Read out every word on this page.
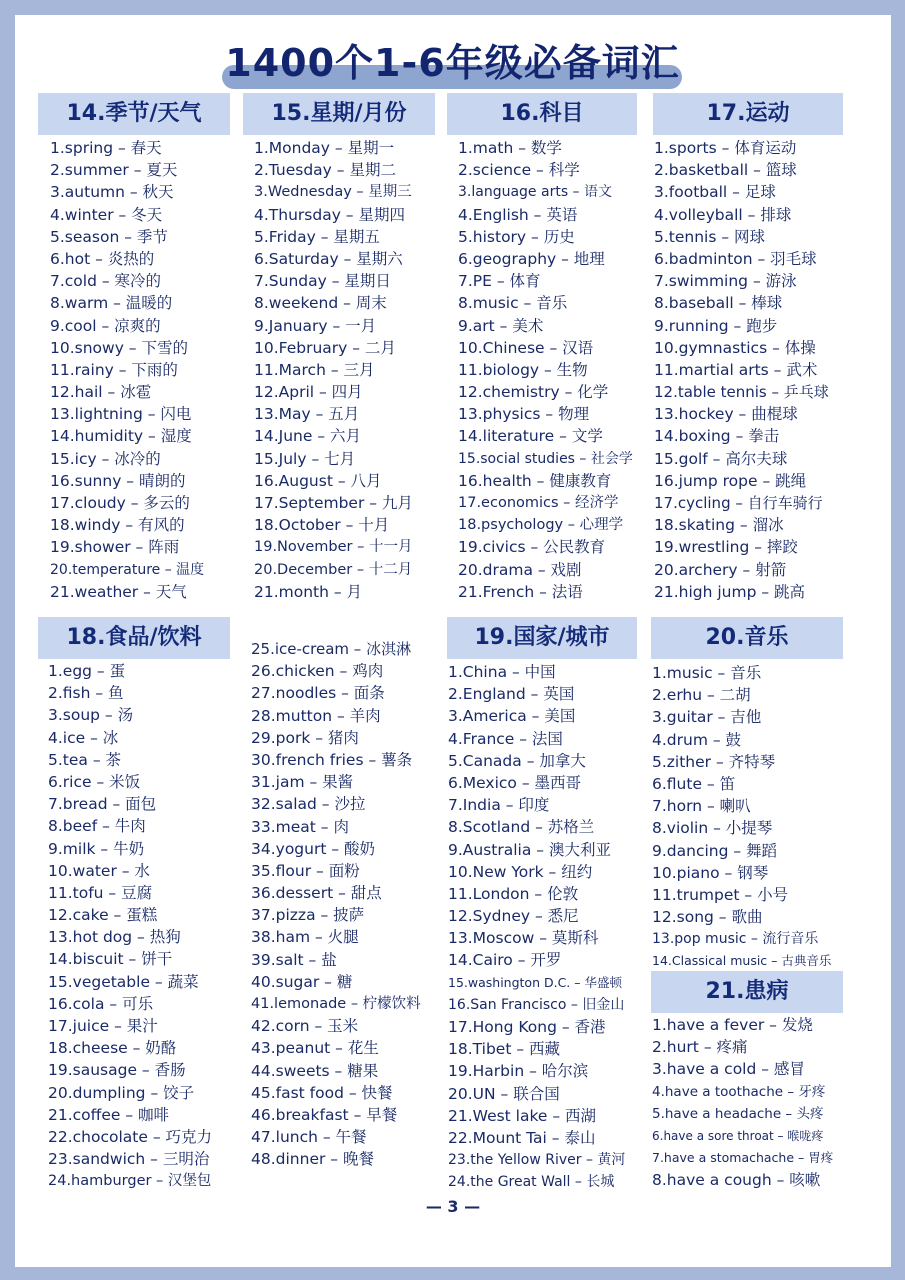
1400个1-6年级必备词汇
14.季节/天气
1.spring – 春天
2.summer – 夏天
3.autumn – 秋天
4.winter – 冬天
5.season – 季节
6.hot – 炎热的
7.cold – 寒冷的
8.warm – 温暖的
9.cool – 凉爽的
10.snowy – 下雪的
11.rainy – 下雨的
12.hail – 冰雹
13.lightning – 闪电
14.humidity – 湿度
15.icy – 冰冷的
16.sunny – 晴朗的
17.cloudy – 多云的
18.windy – 有风的
19.shower – 阵雨
20.temperature – 温度
21.weather – 天气
15.星期/月份
1.Monday – 星期一
2.Tuesday – 星期二
3.Wednesday – 星期三
4.Thursday – 星期四
5.Friday – 星期五
6.Saturday – 星期六
7.Sunday – 星期日
8.weekend – 周末
9.January – 一月
10.February – 二月
11.March – 三月
12.April – 四月
13.May – 五月
14.June – 六月
15.July – 七月
16.August – 八月
17.September – 九月
18.October – 十月
19.November – 十一月
20.December – 十二月
21.month – 月
16.科目
1.math – 数学
2.science – 科学
3.language arts – 语文
4.English – 英语
5.history – 历史
6.geography – 地理
7.PE – 体育
8.music – 音乐
9.art – 美术
10.Chinese – 汉语
11.biology – 生物
12.chemistry – 化学
13.physics – 物理
14.literature – 文学
15.social studies – 社会学
16.health – 健康教育
17.economics – 经济学
18.psychology – 心理学
19.civics – 公民教育
20.drama – 戏剧
21.French – 法语
17.运动
1.sports – 体育运动
2.basketball – 篮球
3.football – 足球
4.volleyball – 排球
5.tennis – 网球
6.badminton – 羽毛球
7.swimming – 游泳
8.baseball – 棒球
9.running – 跑步
10.gymnastics – 体操
11.martial arts – 武术
12.table tennis – 乒乓球
13.hockey – 曲棍球
14.boxing – 拳击
15.golf – 高尔夫球
16.jump rope – 跳绳
17.cycling – 自行车骑行
18.skating – 溜冰
19.wrestling – 摔跤
20.archery – 射箭
21.high jump – 跳高
18.食品/饮料
1.egg – 蛋
2.fish – 鱼
3.soup – 汤
4.ice – 冰
5.tea – 茶
6.rice – 米饭
7.bread – 面包
8.beef – 牛肉
9.milk – 牛奶
10.water – 水
11.tofu – 豆腐
12.cake – 蛋糕
13.hot dog – 热狗
14.biscuit – 饼干
15.vegetable – 蔬菜
16.cola – 可乐
17.juice – 果汁
18.cheese – 奶酪
19.sausage – 香肠
20.dumpling – 饺子
21.coffee – 咖啡
22.chocolate – 巧克力
23.sandwich – 三明治
24.hamburger – 汉堡包
25.ice-cream – 冰淇淋
26.chicken – 鸡肉
27.noodles – 面条
28.mutton – 羊肉
29.pork – 猪肉
30.french fries – 薯条
31.jam – 果酱
32.salad – 沙拉
33.meat – 肉
34.yogurt – 酸奶
35.flour – 面粉
36.dessert – 甜点
37.pizza – 披萨
38.ham – 火腿
39.salt – 盐
40.sugar – 糖
41.lemonade – 柠檬饮料
42.corn – 玉米
43.peanut – 花生
44.sweets – 糖果
45.fast food – 快餐
46.breakfast – 早餐
47.lunch – 午餐
48.dinner – 晚餐
19.国家/城市
1.China – 中国
2.England – 英国
3.America – 美国
4.France – 法国
5.Canada – 加拿大
6.Mexico – 墨西哥
7.India – 印度
8.Scotland – 苏格兰
9.Australia – 澳大利亚
10.New York – 纽约
11.London – 伦敦
12.Sydney – 悉尼
13.Moscow – 莫斯科
14.Cairo – 开罗
15.washington D.C. – 华盛顿
16.San Francisco – 旧金山
17.Hong Kong – 香港
18.Tibet – 西藏
19.Harbin – 哈尔滨
20.UN – 联合国
21.West lake – 西湖
22.Mount Tai – 泰山
23.the Yellow River – 黄河
24.the Great Wall – 长城
20.音乐
1.music – 音乐
2.erhu – 二胡
3.guitar – 吉他
4.drum – 鼓
5.zither – 齐特琴
6.flute – 笛
7.horn – 喇叭
8.violin – 小提琴
9.dancing – 舞蹈
10.piano – 钢琴
11.trumpet – 小号
12.song – 歌曲
13.pop music – 流行音乐
14.Classical music – 古典音乐
21.患病
1.have a fever – 发烧
2.hurt – 疼痛
3.have a cold – 感冒
4.have a toothache – 牙疼
5.have a headache – 头疼
6.have a sore throat – 喉咙疼
7.have a stomachache – 胃疼
8.have a cough – 咳嗽
— 3 —
